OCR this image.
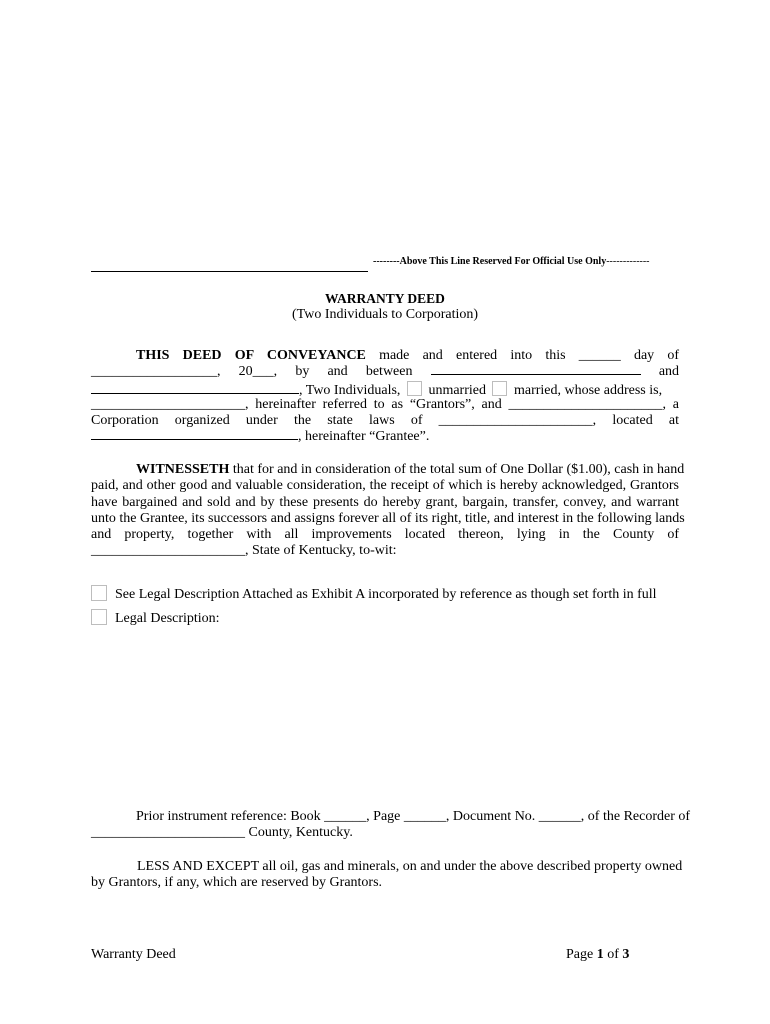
--------Above This Line Reserved For Official Use Only-------------
WARRANTY DEED
(Two Individuals to Corporation)
THIS DEED OF CONVEYANCE made and entered into this ______ day of
__________________, 20___, by and between	and
, Two Individuals, unmarried married, whose address is,
______________________, hereinafter referred to as “Grantors”, and ______________________, a
Corporation organized under the state laws of ______________________, located at
, hereinafter “Grantee”.
WITNESSETH that for and in consideration of the total sum of One Dollar ($1.00), cash in hand
paid, and other good and valuable consideration, the receipt of which is hereby acknowledged, Grantors
have bargained and sold and by these presents do hereby grant, bargain, transfer, convey, and warrant
unto the Grantee, its successors and assigns forever all of its right, title, and interest in the following lands
and property, together with all improvements located thereon, lying in the County of
______________________, State of Kentucky, to-wit:
See Legal Description Attached as Exhibit A incorporated by reference as though set forth in full
Legal Description:
Prior instrument reference: Book ______, Page ______, Document No. ______, of the Recorder of
______________________ County, Kentucky.
LESS AND EXCEPT all oil, gas and minerals, on and under the above described property owned
by Grantors, if any, which are reserved by Grantors.
Warranty Deed	Page 1 of 3
